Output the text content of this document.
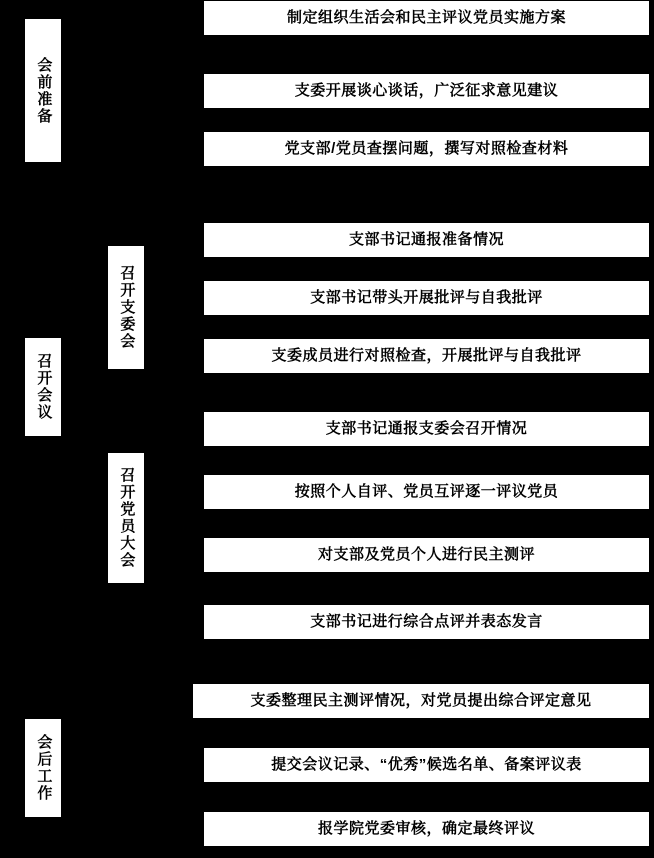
会前准备
制定组织生活会和民主评议党员实施方案
支委开展谈心谈话，广泛征求意见建议
党支部/党员查摆问题，撰写对照检查材料
召开会议
召开支委会
支部书记通报准备情况
支部书记带头开展批评与自我批评
支委成员进行对照检查，开展批评与自我批评
召开党员大会
支部书记通报支委会召开情况
按照个人自评、党员互评逐一评议党员
对支部及党员个人进行民主测评
支部书记进行综合点评并表态发言
会后工作
支委整理民主测评情况，对党员提出综合评定意见
提交会议记录、“优秀”候选名单、备案评议表
报学院党委审核，确定最终评议
